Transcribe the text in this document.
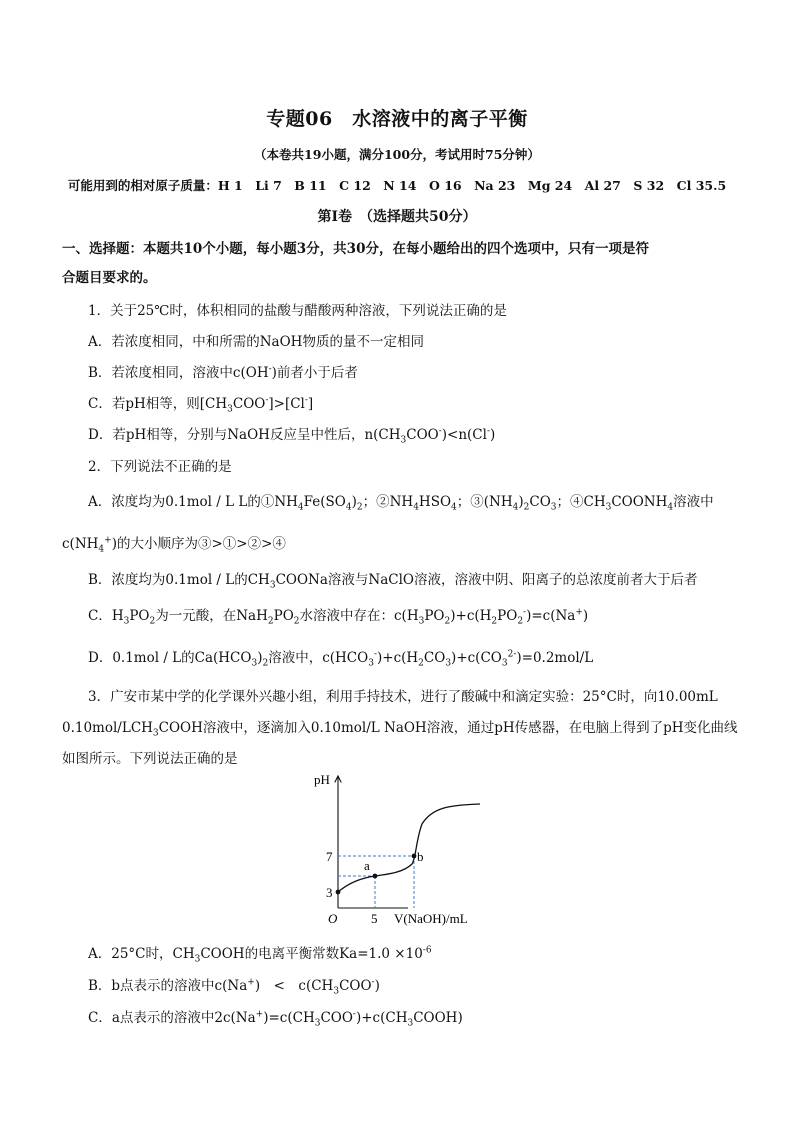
专题06　水溶液中的离子平衡
（本卷共19小题，满分100分，考试用时75分钟）
可能用到的相对原子质量：H 1　Li 7　B 11　C 12　N 14　O 16　Na 23　Mg 24　Al 27　S 32　Cl 35.5
第Ⅰ卷　（选择题共50分）
一、选择题：本题共10个小题，每小题3分，共30分，在每小题给出的四个选项中，只有一项是符
合题目要求的。
1．关于25℃时，体积相同的盐酸与醋酸两种溶液，下列说法正确的是
A．若浓度相同，中和所需的NaOH物质的量不一定相同
B．若浓度相同，溶液中c(OH-)前者小于后者
C．若pH相等，则$[CH_3COO^-]>[Cl^-]$
D．若pH相等，分别与NaOH反应呈中性后，$n(CH_3COO^-)<n(Cl^-)$
2．下列说法不正确的是
A．浓度均为0.1mol / L L的$①NH_4Fe(SO_4)_2$；$②NH_4HSO_4$；$③(NH_4)_2CO_3$；$④CH_3COONH_4$溶液中
$c(NH_4^+)$的大小顺序为③>①>②>④
B．浓度均为0.1mol / L的$CH_3COONa$溶液与NaClO溶液，溶液中阴、阳离子的总浓度前者大于后者
C．$H_3PO_2$为一元酸，在$NaH_2PO_2$水溶液中存在：$c(H_3PO_2)+c(H_2PO_2^-)=c(Na^+)$
D．0.1mol / L的$Ca(HCO_3)_2$溶液中，$c(HCO_3^-)+c(H_2CO_3)+c(CO_3^{2-})=0.2mol/L$
3．广安市某中学的化学课外兴趣小组，利用手持技术，进行了酸碱中和滴定实验：25°C时，向10.00mL
$0.10mol/LCH_3COOH$溶液中，逐滴加入0.10mol/L NaOH溶液，通过pH传感器，在电脑上得到了pH变化曲线
如图所示。下列说法正确的是
pH
7
3
O	5 V(NaOH)/mL
a
b
A．25°C时，$CH_3COOH$的电离平衡常数$Ka=1.0 \times 10^{-6}$
B．b点表示的溶液中c(Na+)　<　$c(CH_3COO^-)$
C．a点表示的溶液中$2c(Na^+)=c(CH_3COO^-)+c(CH_3COOH)$
